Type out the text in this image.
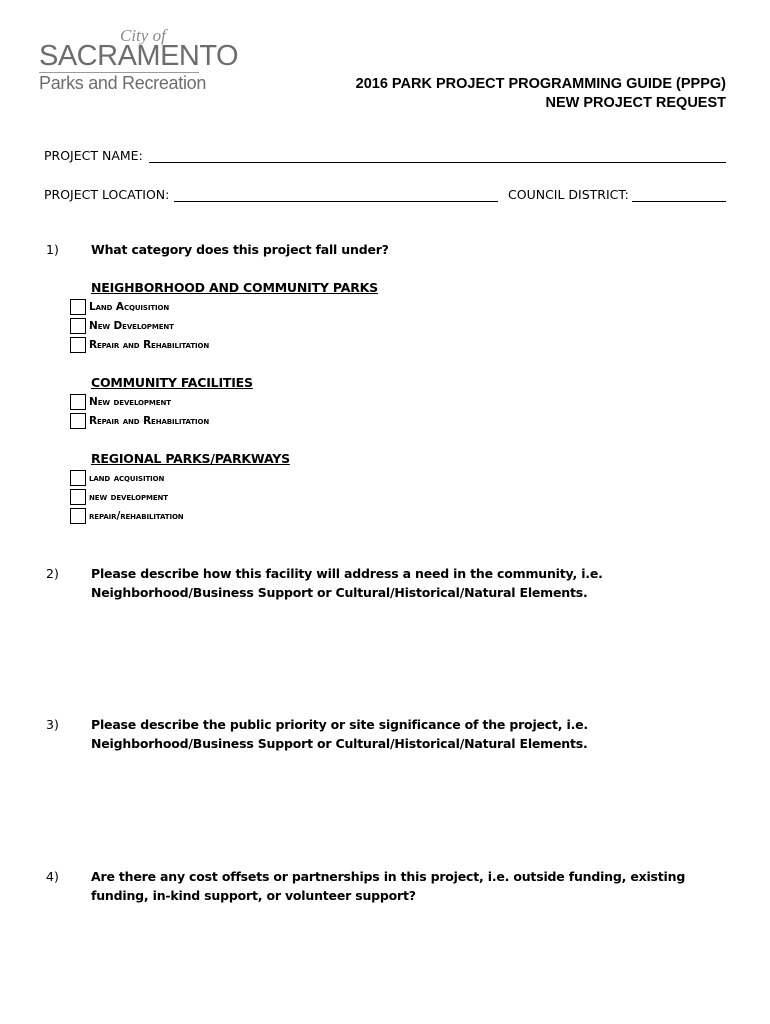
City of
SACRAMENTO
Parks and Recreation	2016 PARK PROJECT PROGRAMMING GUIDE (PPPG)
NEW PROJECT REQUEST
PROJECT NAME:
PROJECT LOCATION:	COUNCIL DISTRICT:
1)	What category does this project fall under?
NEIGHBORHOOD AND COMMUNITY PARKS
Land Acquisition
New Development
Repair and Rehabilitation
COMMUNITY FACILITIES
New development
Repair and Rehabilitation
REGIONAL PARKS/PARKWAYS
land acquisition
new development
repair/rehabilitation
2)	Please describe how this facility will address a need in the community, i.e. Neighborhood/Business Support or Cultural/Historical/Natural Elements.
3)	Please describe the public priority or site significance of the project, i.e. Neighborhood/Business Support or Cultural/Historical/Natural Elements.
4)	Are there any cost offsets or partnerships in this project, i.e. outside funding, existing funding, in-kind support, or volunteer support?
